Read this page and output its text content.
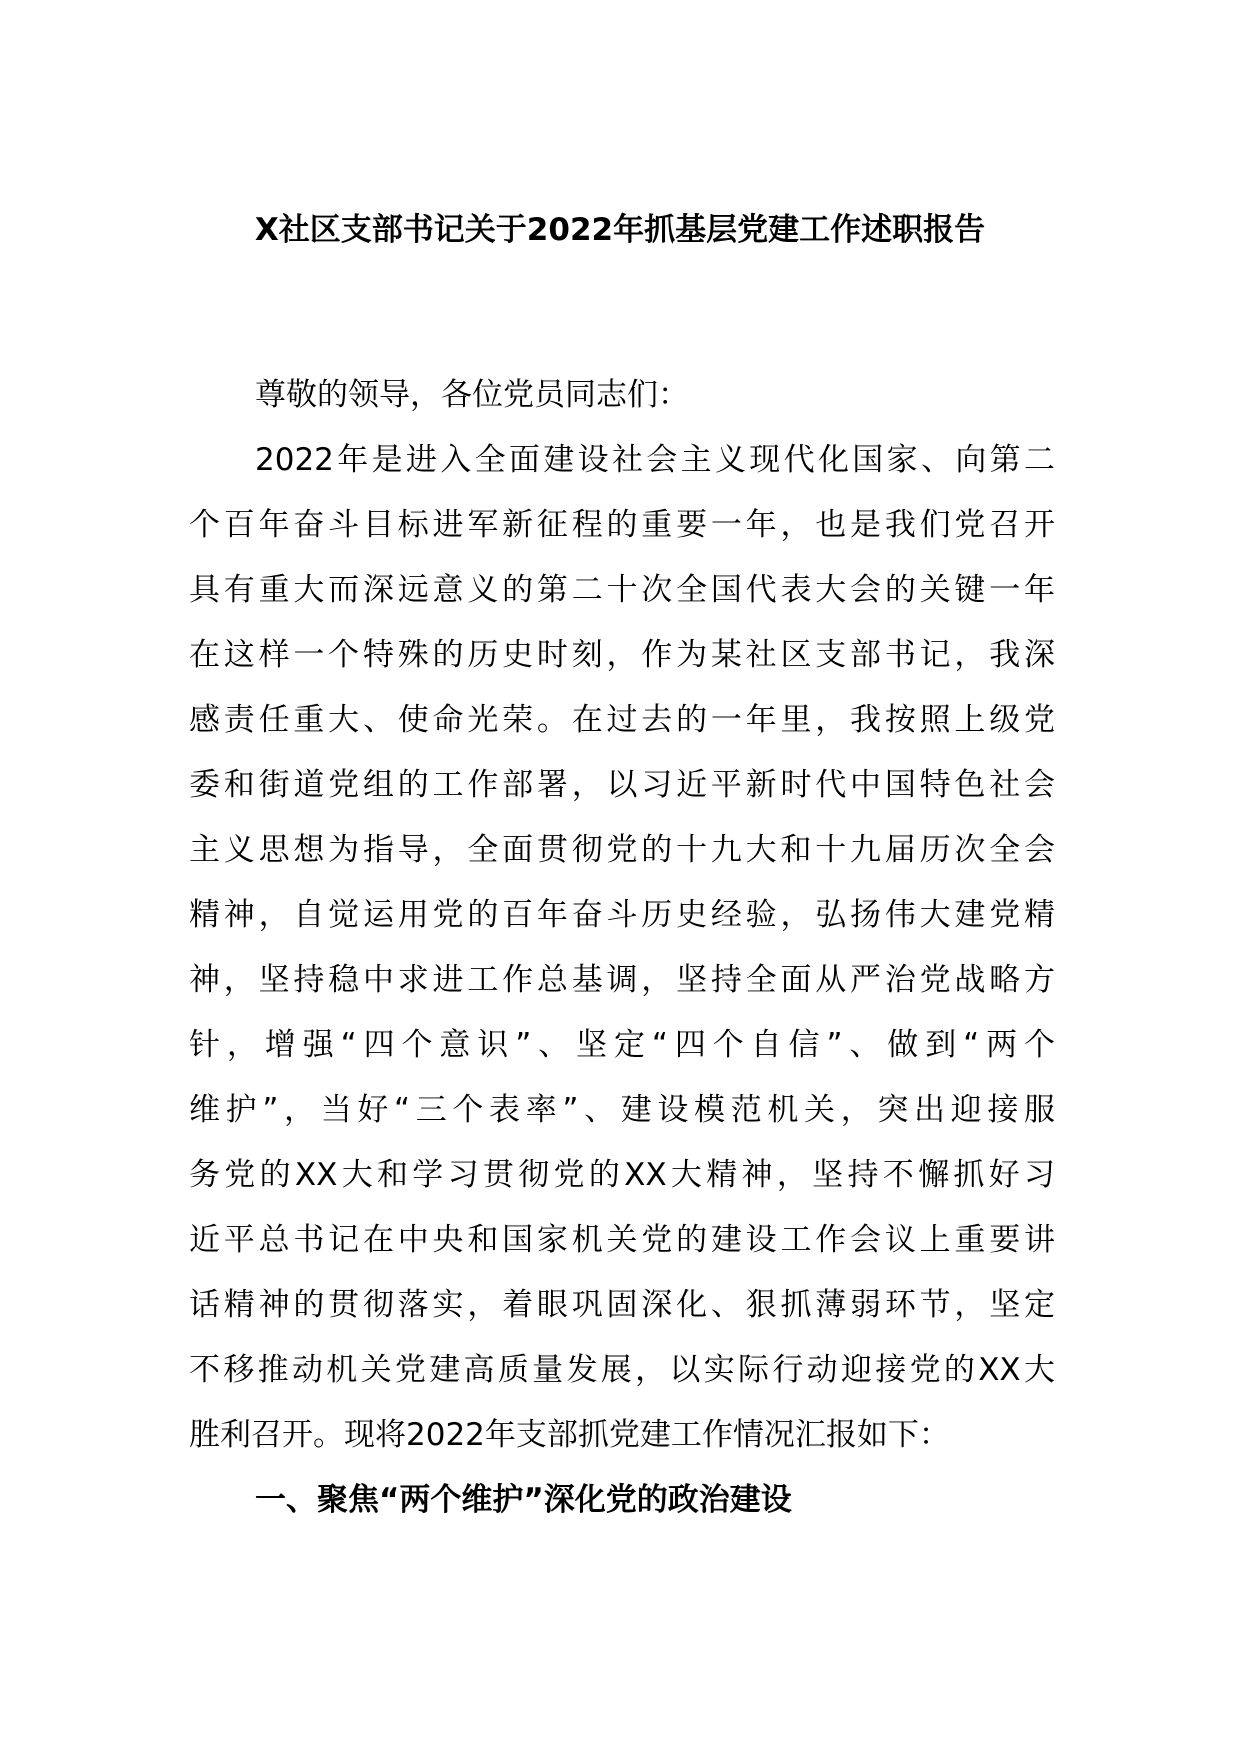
X社区支部书记关于2022年抓基层党建工作述职报告

尊敬的领导，各位党员同志们：

2022年是进入全面建设社会主义现代化国家、向第二
个百年奋斗目标进军新征程的重要一年，也是我们党召开
具有重大而深远意义的第二十次全国代表大会的关键一年
在这样一个特殊的历史时刻，作为某社区支部书记，我深
感责任重大、使命光荣。在过去的一年里，我按照上级党
委和街道党组的工作部署，以习近平新时代中国特色社会
主义思想为指导，全面贯彻党的十九大和十九届历次全会
精神，自觉运用党的百年奋斗历史经验，弘扬伟大建党精
神，坚持稳中求进工作总基调，坚持全面从严治党战略方
针，增强“四个意识”、坚定“四个自信”、做到“两个
维护”，当好“三个表率”、建设模范机关，突出迎接服
务党的XX大和学习贯彻党的XX大精神，坚持不懈抓好习
近平总书记在中央和国家机关党的建设工作会议上重要讲
话精神的贯彻落实，着眼巩固深化、狠抓薄弱环节，坚定
不移推动机关党建高质量发展，以实际行动迎接党的XX大
胜利召开。现将2022年支部抓党建工作情况汇报如下：
一、聚焦“两个维护”深化党的政治建设
